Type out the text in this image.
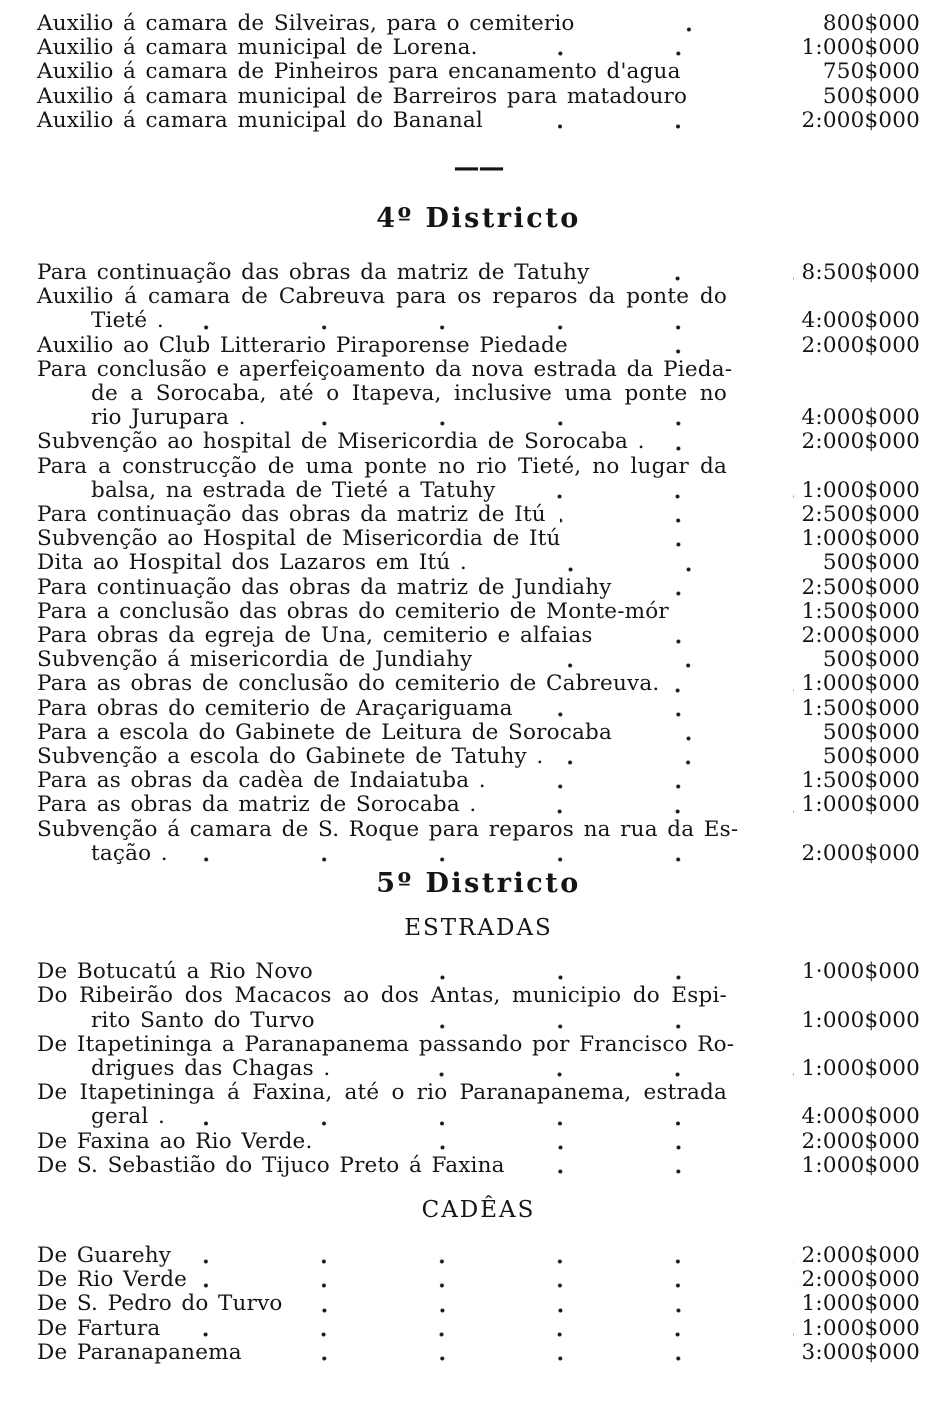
Auxilio á camara de Silveiras, para o cemiterio	800$000
Auxilio á camara municipal de Lorena.	1:000$000
Auxilio á camara de Pinheiros para encanamento d'agua	750$000
Auxilio á camara municipal de Barreiros para matadouro	500$000
Auxilio á camara municipal do Bananal	2:000$000
——
4º Districto
Para continuação das obras da matriz de Tatuhy	8:500$000
Auxilio á camara de Cabreuva para os reparos da ponte do
Tieté .	4:000$000
Auxilio ao Club Litterario Piraporense Piedade	2:000$000
Para conclusão e aperfeiçoamento da nova estrada da Pieda-
de a Sorocaba, até o Itapeva, inclusive uma ponte no
rio Jurupara .	4:000$000
Subvenção ao hospital de Misericordia de Sorocaba .	2:000$000
Para a construcção de uma ponte no rio Tieté, no lugar da
balsa, na estrada de Tieté a Tatuhy	1:000$000
Para continuação das obras da matriz de Itú	2:500$000
Subvenção ao Hospital de Misericordia de Itú	1:000$000
Dita ao Hospital dos Lazaros em Itú .	500$000
Para continuação das obras da matriz de Jundiahy	2:500$000
Para a conclusão das obras do cemiterio de Monte-mór	1:500$000
Para obras da egreja de Una, cemiterio e alfaias	2:000$000
Subvenção á misericordia de Jundiahy	500$000
Para as obras de conclusão do cemiterio de Cabreuva.	1:000$000
Para obras do cemiterio de Araçariguama	1:500$000
Para a escola do Gabinete de Leitura de Sorocaba	500$000
Subvenção a escola do Gabinete de Tatuhy .	500$000
Para as obras da cadèa de Indaiatuba .	1:500$000
Para as obras da matriz de Sorocaba .	1:000$000
Subvenção á camara de S. Roque para reparos na rua da Es-
tação .	2:000$000
5º Districto
ESTRADAS
De Botucatú a Rio Novo	1·000$000
Do Ribeirão dos Macacos ao dos Antas, municipio do Espi-
rito Santo do Turvo	1:000$000
De Itapetininga a Paranapanema passando por Francisco Ro-
drigues das Chagas .	1:000$000
De Itapetininga á Faxina, até o rio Paranapanema, estrada
geral .	4:000$000
De Faxina ao Rio Verde.	2:000$000
De S. Sebastião do Tijuco Preto á Faxina	1:000$000
CADÊAS
De Guarehy	2:000$000
De Rio Verde	2:000$000
De S. Pedro do Turvo	1:000$000
De Fartura	1:000$000
De Paranapanema	3:000$000
